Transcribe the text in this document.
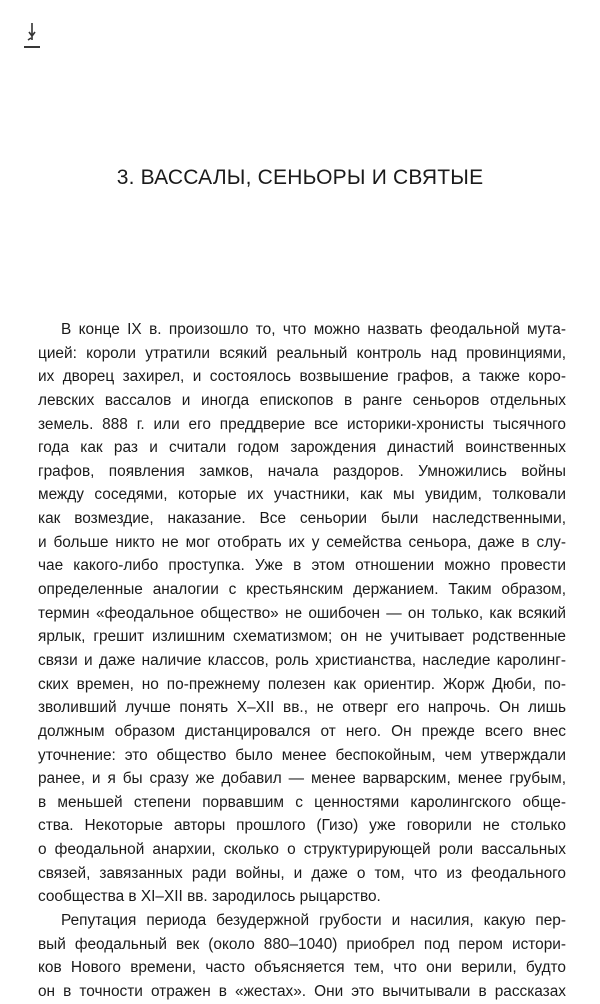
3. ВАССАЛЫ, СЕНЬОРЫ И СВЯТЫЕ
В конце IX в. произошло то, что можно назвать феодальной мута-
цией: короли утратили всякий реальный контроль над провинциями,
их дворец захирел, и состоялось возвышение графов, а также коро-
левских вассалов и иногда епископов в ранге сеньоров отдельных
земель. 888 г. или его преддверие все историки-хронисты тысячного
года как раз и считали годом зарождения династий воинственных
графов, появления замков, начала раздоров. Умножились войны
между соседями, которые их участники, как мы увидим, толковали
как возмездие, наказание. Все сеньории были наследственными,
и больше никто не мог отобрать их у семейства сеньора, даже в слу-
чае какого-либо проступка. Уже в этом отношении можно провести
определенные аналогии с крестьянским держанием. Таким образом,
термин «феодальное общество» не ошибочен — он только, как всякий
ярлык, грешит излишним схематизмом; он не учитывает родственные
связи и даже наличие классов, роль христианства, наследие каролинг-
ских времен, но по-прежнему полезен как ориентир. Жорж Дюби, по-
зволивший лучше понять X–XII вв., не отверг его напрочь. Он лишь
должным образом дистанцировался от него. Он прежде всего внес
уточнение: это общество было менее беспокойным, чем утверждали
ранее, и я бы сразу же добавил — менее варварским, менее грубым,
в меньшей степени порвавшим с ценностями каролингского обще-
ства. Некоторые авторы прошлого (Гизо) уже говорили не столько
о феодальной анархии, сколько о структурирующей роли вассальных
связей, завязанных ради войны, и даже о том, что из феодального
сообщества в XI–XII вв. зародилось рыцарство.
Репутация периода безудержной грубости и насилия, какую пер-
вый феодальный век (около 880–1040) приобрел под пером истори-
ков Нового времени, часто объясняется тем, что они верили, будто
он в точности отражен в «жестах». Они это вычитывали в рассказах
